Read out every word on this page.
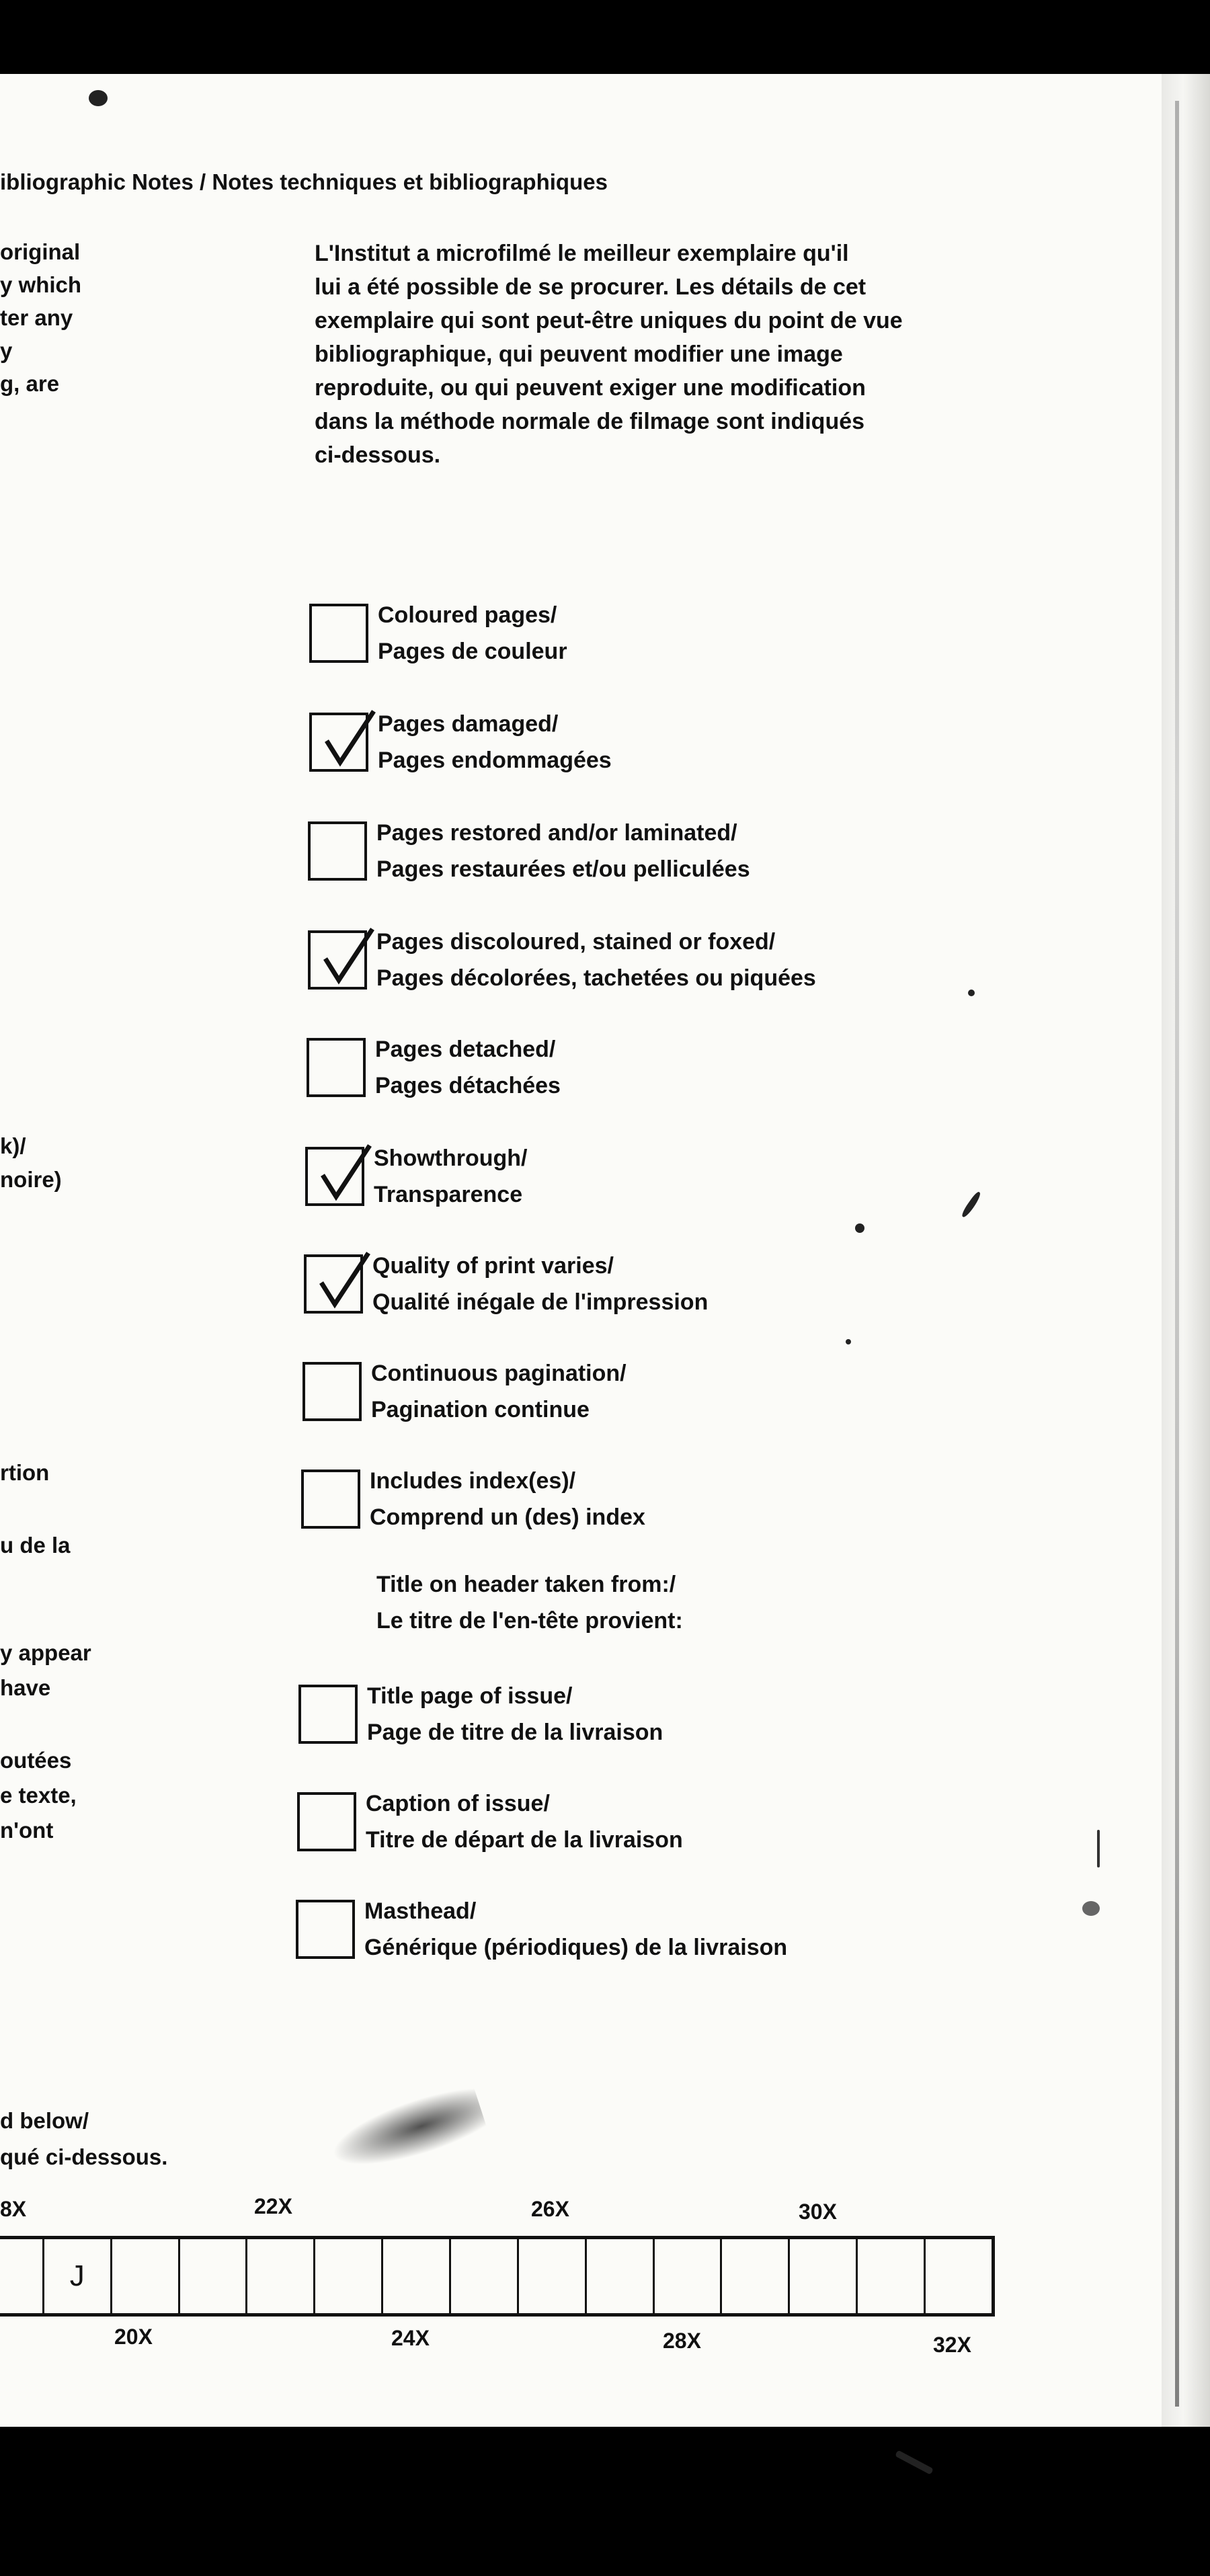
ibliographic Notes / Notes techniques et bibliographiques
original
y which
ter any
y
g, are
k)/
noire)
rtion
u de la
y appear
have
outées
e texte,
n'ont
d below/
qué ci-dessous.
L'Institut a microfilmé le meilleur exemplaire qu'il
lui a été possible de se procurer. Les détails de cet
exemplaire qui sont peut-être uniques du point de vue
bibliographique, qui peuvent modifier une image
reproduite, ou qui peuvent exiger une modification
dans la méthode normale de filmage sont indiqués
ci-dessous.
Coloured pages/
Pages de couleur
Pages damaged/
Pages endommagées
Pages restored and/or laminated/
Pages restaurées et/ou pelliculées
Pages discoloured, stained or foxed/
Pages décolorées, tachetées ou piquées
Pages detached/
Pages détachées
Showthrough/
Transparence
Quality of print varies/
Qualité inégale de l'impression
Continuous pagination/
Pagination continue
Includes index(es)/
Comprend un (des) index
Title on header taken from:/
Le titre de l'en-tête provient:
Title page of issue/
Page de titre de la livraison
Caption of issue/
Titre de départ de la livraison
Masthead/
Générique (périodiques) de la livraison
8X	22X	26X	30X
J
20X	24X	28X	32X
